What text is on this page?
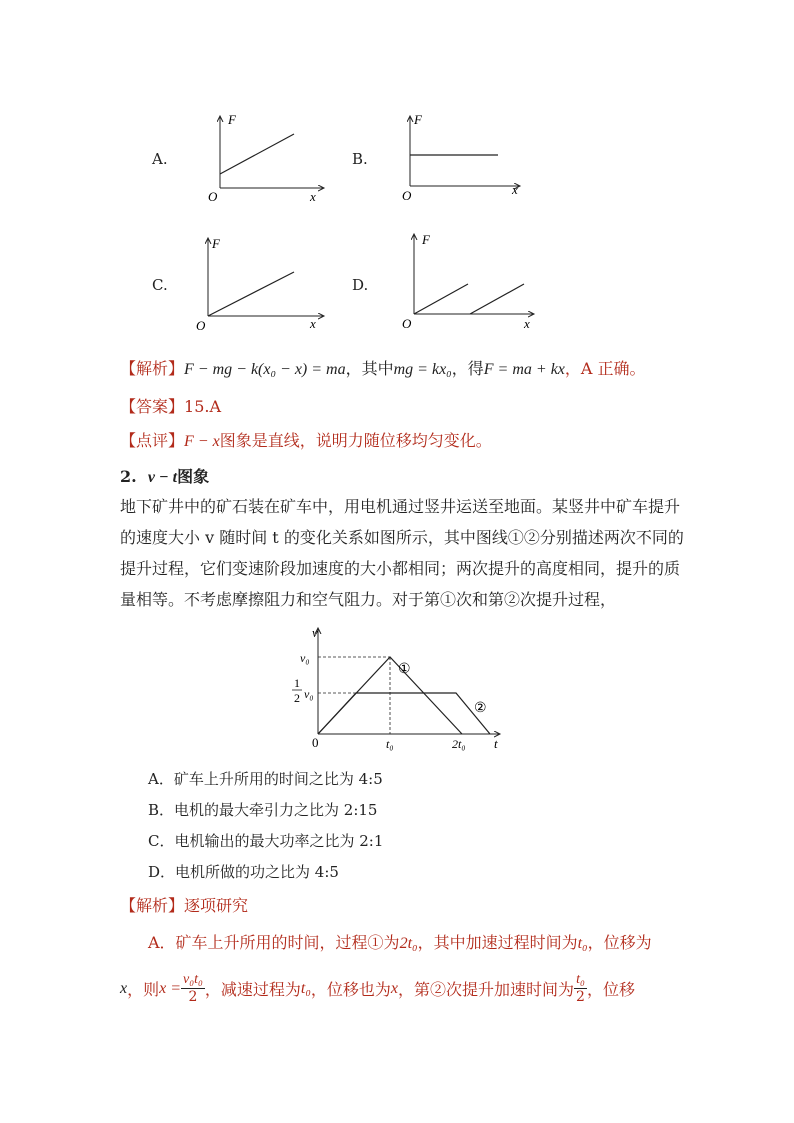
A.
F
O	x
B.
F
O	x
C.
F
O	x
D.
F
O	x
【解析】F − mg − k(x₀ − x) = ma，其中mg = kx₀，得F = ma + kx，A 正确。
【答案】15.A
【点评】F − x图象是直线，说明力随位移均匀变化。
2. v − t图象
地下矿井中的矿石装在矿车中，用电机通过竖井运送至地面。某竖井中矿车提升
的速度大小 v 随时间 t 的变化关系如图所示，其中图线①②分别描述两次不同的
提升过程，它们变速阶段加速度的大小都相同；两次提升的高度相同，提升的质
量相等。不考虑摩擦阻力和空气阻力。对于第①次和第②次提升过程，
v
v₀
1
2 v₀
0	t₀	2t₀ t
①
②
A．矿车上升所用的时间之比为 4:5
B．电机的最大牵引力之比为 2:15
C．电机输出的最大功率之比为 2:1
D．电机所做的功之比为 4:5
【解析】逐项研究
A．矿车上升所用的时间，过程①为2t₀，其中加速过程时间为t₀，位移为
x ，则 $x = \frac{\text{v₀t₀}}{2}$ ，减速过程为 t₀ ，位移也为 x ，第②次提升加速时间为 $\frac{\text{t₀}}{2}$ ，位移
